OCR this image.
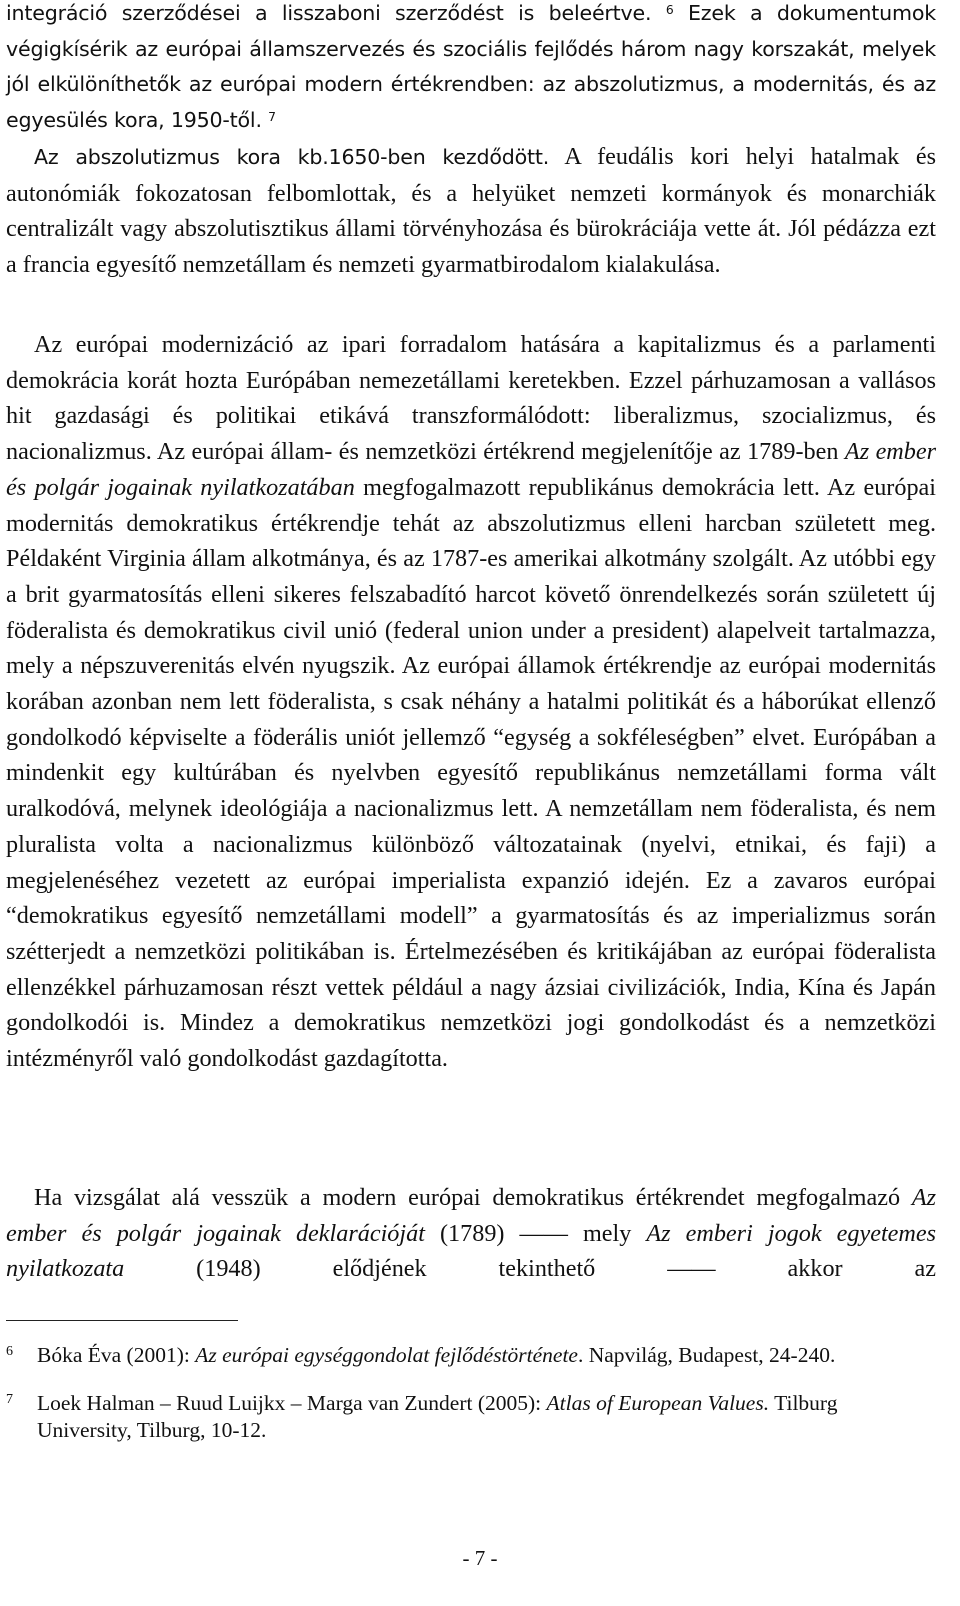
integráció szerződései a lisszaboni szerződést is beleértve. $^6$ Ezek a dokumentumok végigkísérik az európai államszervezés és szociális fejlődés három nagy korszakát, melyek jól elkülöníthetők az európai modern értékrendben: az abszolutizmus, a modernitás, és az egyesülés kora, 1950-től. $^7$

Az abszolutizmus kora kb.1650-ben kezdődött. A feudális kori helyi hatalmak és autonómiák fokozatosan felbomlottak, és a helyüket nemzeti kormányok és monarchiák centralizált vagy abszolutisztikus állami törvényhozása és bürokráciája vette át. Jól pédázza ezt a francia egyesítő nemzetállam és nemzeti gyarmatbirodalom kialakulása.

Az európai modernizáció az ipari forradalom hatására a kapitalizmus és a parlamenti demokrácia korát hozta Európában nemezetállami keretekben. Ezzel párhuzamosan a vallásos hit gazdasági és politikai etikává transzformálódott: liberalizmus, szocializmus, és nacionalizmus. Az európai állam- és nemzetközi értékrend megjelenítője az 1789-ben Az ember és polgár jogainak nyilatkozatában megfogalmazott republikánus demokrácia lett. Az európai modernitás demokratikus értékrendje tehát az abszolutizmus elleni harcban született meg. Példaként Virginia állam alkotmánya, és az 1787-es amerikai alkotmány szolgált. Az utóbbi egy a brit gyarmatosítás elleni sikeres felszabadító harcot követő önrendelkezés során született új föderalista és demokratikus civil unió (federal union under a president) alapelveit tartalmazza, mely a népszuverenitás elvén nyugszik. Az európai államok értékrendje az európai modernitás korában azonban nem lett föderalista, s csak néhány a hatalmi politikát és a háborúkat ellenző gondolkodó képviselte a föderális uniót jellemző “egység a sokféleségben” elvet. Európában a mindenkit egy kultúrában és nyelvben egyesítő republikánus nemzetállami forma vált uralkodóvá, melynek ideológiája a nacionalizmus lett. A nemzetállam nem föderalista, és nem pluralista volta a nacionalizmus különböző változatainak (nyelvi, etnikai, és faji) a megjelenéséhez vezetett az európai imperialista expanzió idején. Ez a zavaros európai “demokratikus egyesítő nemzetállami modell” a gyarmatosítás és az imperializmus során szétterjedt a nemzetközi politikában is. Értelmezésében és kritikájában az európai föderalista ellenzékkel párhuzamosan részt vettek például a nagy ázsiai civilizációk, India, Kína és Japán gondolkodói is. Mindez a demokratikus nemzetközi jogi gondolkodást és a nemzetközi intézményről való gondolkodást gazdagította.

Ha vizsgálat alá vesszük a modern európai demokratikus értékrendet megfogalmazó Az ember és polgár jogainak deklarációját (1789) —— mely Az emberi jogok egyetemes nyilatkozata	(1948) elődjének tekinthető —— akkor az

6 Bóka Éva (2001): Az európai egységgondolat fejlődéstörténete. Napvilág, Budapest, 24-240.
7 Loek Halman – Ruud Luijkx – Marga van Zundert (2005): Atlas of European Values. Tilburg University, Tilburg, 10-12.
- 7 -
